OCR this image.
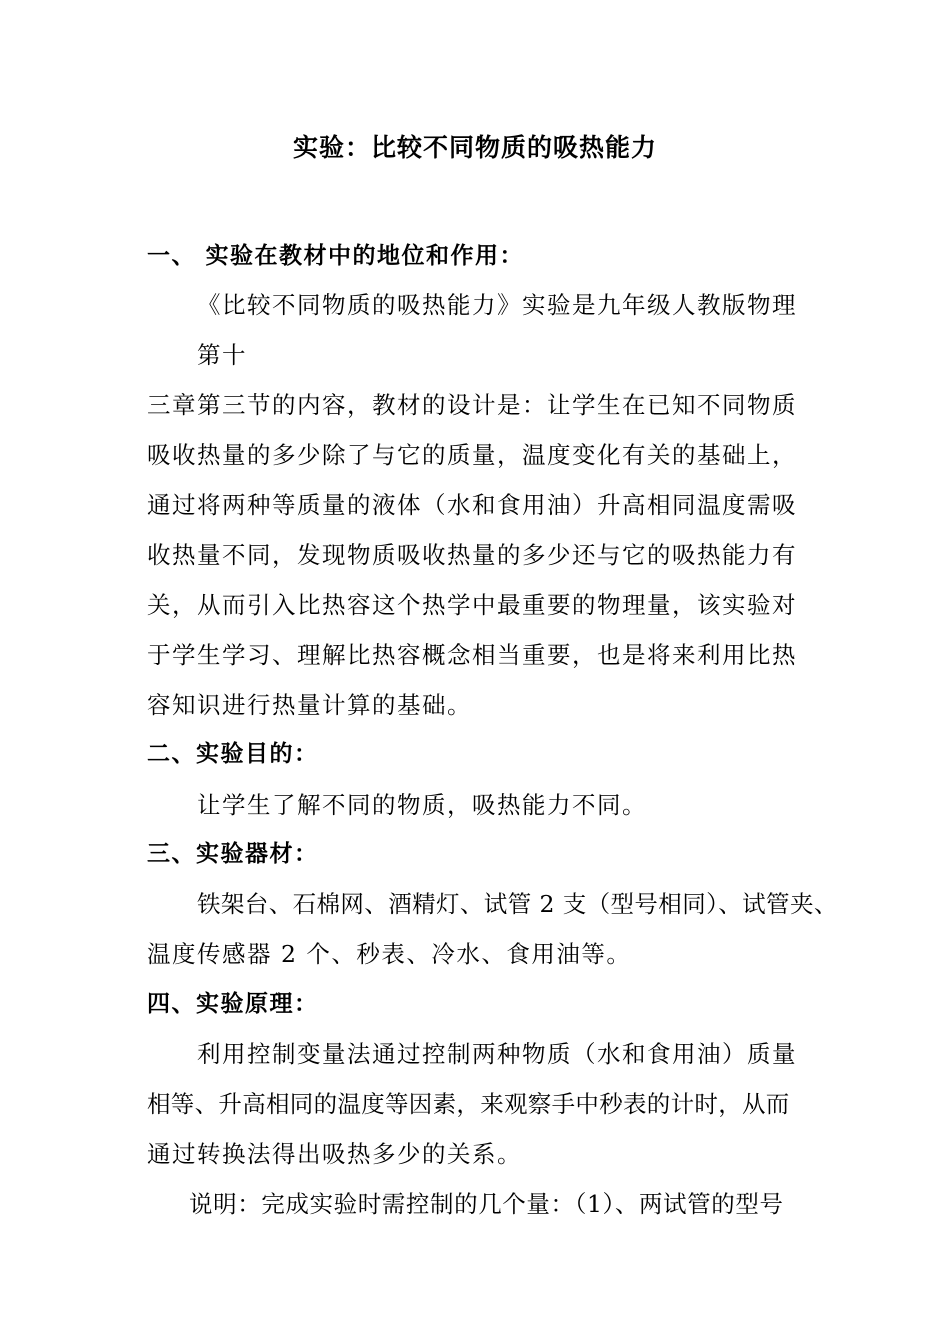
实验：比较不同物质的吸热能力
一、 实验在教材中的地位和作用：
《比较不同物质的吸热能力》实验是九年级人教版物理
第十
三章第三节的内容，教材的设计是：让学生在已知不同物质
吸收热量的多少除了与它的质量，温度变化有关的基础上，
通过将两种等质量的液体（水和食用油）升高相同温度需吸
收热量不同，发现物质吸收热量的多少还与它的吸热能力有
关，从而引入比热容这个热学中最重要的物理量，该实验对
于学生学习、理解比热容概念相当重要，也是将来利用比热
容知识进行热量计算的基础。
二、实验目的：
让学生了解不同的物质，吸热能力不同。
三、实验器材：
铁架台、石棉网、酒精灯、试管 2 支（型号相同）、试管夹、
温度传感器 2 个、秒表、冷水、食用油等。
四、实验原理：
利用控制变量法通过控制两种物质（水和食用油）质量
相等、升高相同的温度等因素，来观察手中秒表的计时，从而
通过转换法得出吸热多少的关系。
说明：完成实验时需控制的几个量：（1）、两试管的型号
